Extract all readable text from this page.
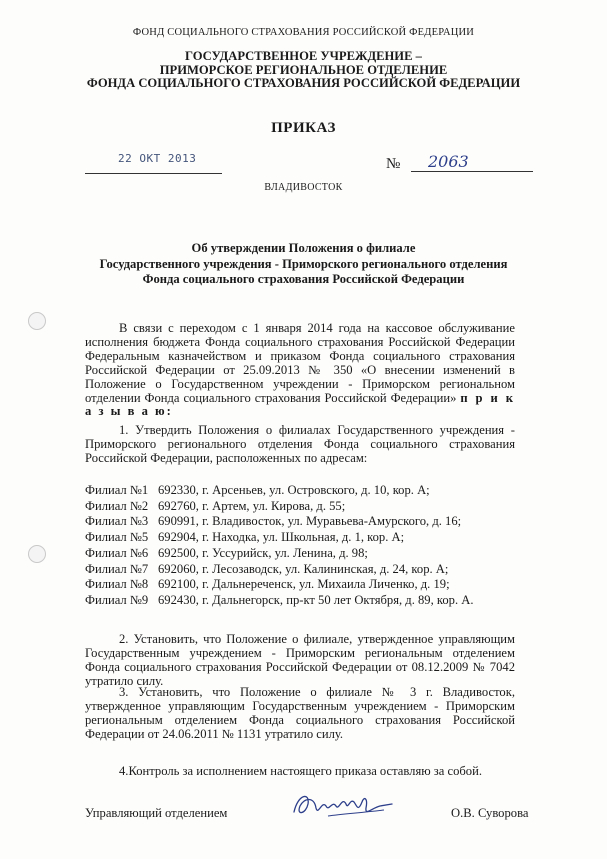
ФОНД СОЦИАЛЬНОГО СТРАХОВАНИЯ РОССИЙСКОЙ ФЕДЕРАЦИИ
ГОСУДАРСТВЕННОЕ УЧРЕЖДЕНИЕ –
ПРИМОРСКОЕ РЕГИОНАЛЬНОЕ ОТДЕЛЕНИЕ
ФОНДА СОЦИАЛЬНОГО СТРАХОВАНИЯ РОССИЙСКОЙ ФЕДЕРАЦИИ
ПРИКАЗ
22 ОКТ 2013	№ 2063
ВЛАДИВОСТОК
Об утверждении Положения о филиале
Государственного учреждения - Приморского регионального отделения
Фонда социального страхования Российской Федерации
В связи с переходом с 1 января 2014 года на кассовое обслуживание исполнения бюджета Фонда социального страхования Российской Федерации Федеральным казначейством и приказом Фонда социального страхования Российской Федерации от 25.09.2013 № 350 «О внесении изменений в Положение о Государственном учреждении - Приморском региональном отделении Фонда социального страхования Российской Федерации» п р и к а з ы в а ю:
1. Утвердить Положения о филиалах Государственного учреждения - Приморского регионального отделения Фонда социального страхования Российской Федерации, расположенных по адресам:
Филиал №1 692330, г. Арсеньев, ул. Островского, д. 10, кор. А;
Филиал №2 692760, г. Артем, ул. Кирова, д. 55;
Филиал №3 690991, г. Владивосток, ул. Муравьева-Амурского, д. 16;
Филиал №5 692904, г. Находка, ул. Школьная, д. 1, кор. А;
Филиал №6 692500, г. Уссурийск, ул. Ленина, д. 98;
Филиал №7 692060, г. Лесозаводск, ул. Калининская, д. 24, кор. А;
Филиал №8 692100, г. Дальнереченск, ул. Михаила Личенко, д. 19;
Филиал №9 692430, г. Дальнегорск, пр-кт 50 лет Октября, д. 89, кор. А.
2. Установить, что Положение о филиале, утвержденное управляющим Государственным учреждением - Приморским региональным отделением Фонда социального страхования Российской Федерации от 08.12.2009 № 7042 утратило силу.
3. Установить, что Положение о филиале № 3 г. Владивосток, утвержденное управляющим Государственным учреждением - Приморским региональным отделением Фонда социального страхования Российской Федерации от 24.06.2011 № 1131 утратило силу.
4.Контроль за исполнением настоящего приказа оставляю за собой.
Управляющий отделением	О.В. Суворова
